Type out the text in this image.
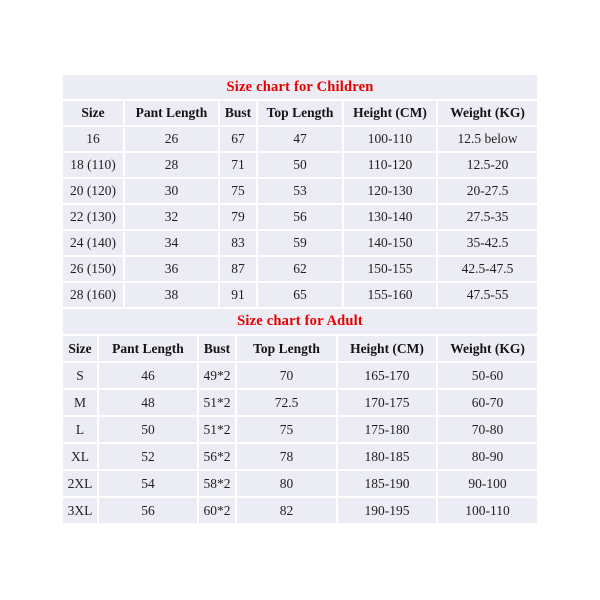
Size chart for Children					
Size	Pant Length	Bust	Top Length	Height (CM)	Weight (KG)
16	26	67	47	100-110	12.5 below
18 (110)	28	71	50	110-120	12.5-20
20 (120)	30	75	53	120-130	20-27.5
22 (130)	32	79	56	130-140	27.5-35
24 (140)	34	83	59	140-150	35-42.5
26 (150)	36	87	62	150-155	42.5-47.5
28 (160)	38	91	65	155-160	47.5-55
Size chart for Adult					
Size	Pant Length	Bust	Top Length	Height (CM)	Weight (KG)
S	46	49*2	70	165-170	50-60
M	48	51*2	72.5	170-175	60-70
L	50	51*2	75	175-180	70-80
XL	52	56*2	78	180-185	80-90
2XL	54	58*2	80	185-190	90-100
3XL	56	60*2	82	190-195	100-110
